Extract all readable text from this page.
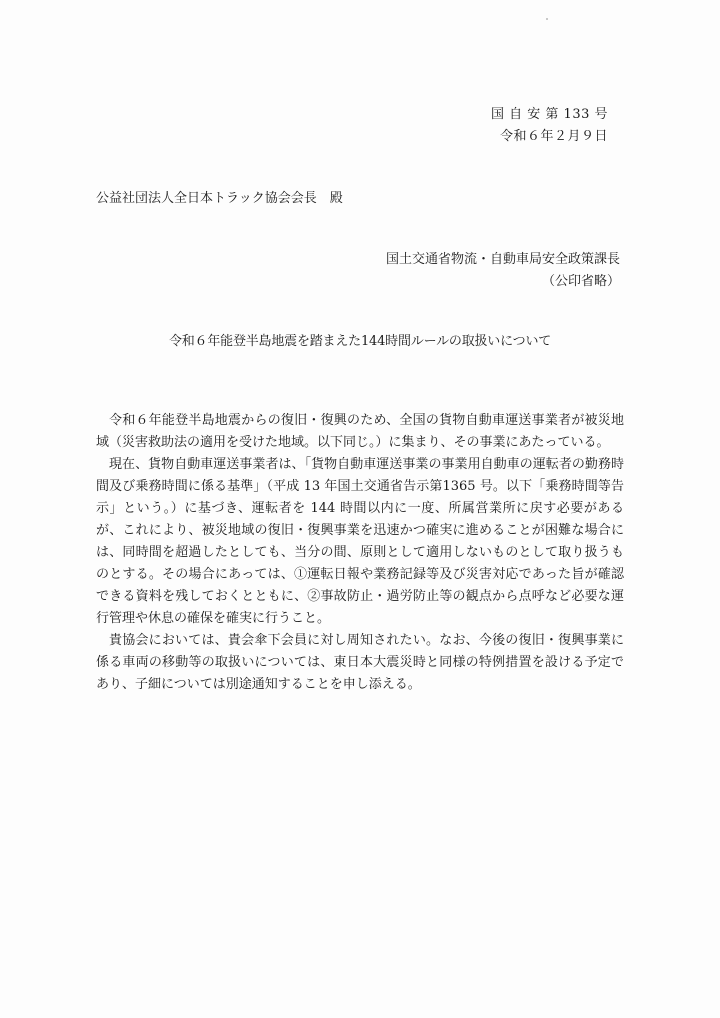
国 自 安 第 133 号
令和６年２月９日
公益社団法人全日本トラック協会会長　殿
国土交通省物流・自動車局安全政策課長
（公印省略）
令和６年能登半島地震を踏まえた144時間ルールの取扱いについて

令和６年能登半島地震からの復旧・復興のため、全国の貨物自動車運送事業者が被災地域（災害救助法の適用を受けた地域。以下同じ。）に集まり、その事業にあたっている。

現在、貨物自動車運送事業者は、「貨物自動車運送事業の事業用自動車の運転者の勤務時間及び乗務時間に係る基準」（平成 13 年国土交通省告示第1365 号。以下「乗務時間等告示」という。）に基づき、運転者を 144 時間以内に一度、所属営業所に戻す必要があるが、これにより、被災地域の復旧・復興事業を迅速かつ確実に進めることが困難な場合には、同時間を超過したとしても、当分の間、原則として適用しないものとして取り扱うものとする。その場合にあっては、①運転日報や業務記録等及び災害対応であった旨が確認できる資料を残しておくとともに、②事故防止・過労防止等の観点から点呼など必要な運行管理や休息の確保を確実に行うこと。

貴協会においては、貴会傘下会員に対し周知されたい。なお、今後の復旧・復興事業に係る車両の移動等の取扱いについては、東日本大震災時と同様の特例措置を設ける予定であり、子細については別途通知することを申し添える。
